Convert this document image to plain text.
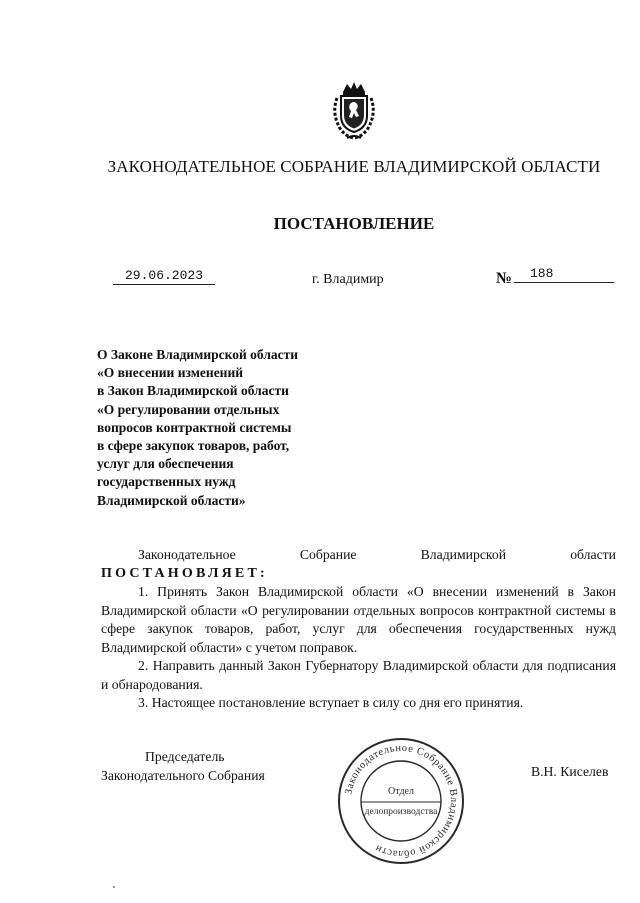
ЗАКОНОДАТЕЛЬНОЕ СОБРАНИЕ ВЛАДИМИРСКОЙ ОБЛАСТИ
ПОСТАНОВЛЕНИЕ
29.06.2023	г. Владимир	№	188
О Законе Владимирской области
«О внесении изменений
в Закон Владимирской области
«О регулировании отдельных
вопросов контрактной системы
в сфере закупок товаров, работ,
услуг для обеспечения
государственных нужд
Владимирской области»
Законодательное	Собрание	Владимирской	области
ПОСТАНОВЛЯЕТ:
1. Принять Закон Владимирской области «О внесении изменений в Закон Владимирской области «О регулировании отдельных вопросов контрактной системы в сфере закупок товаров, работ, услуг для обеспечения государственных нужд Владимирской области» с учетом поправок.
2. Направить данный Закон Губернатору Владимирской области для подписания и обнародования.
3. Настоящее постановление вступает в силу со дня его принятия.
Председатель
Законодательного Собрания	В.Н. Киселев
Законодательное Собрание Владимирской области
Отдел
делопроизводства
